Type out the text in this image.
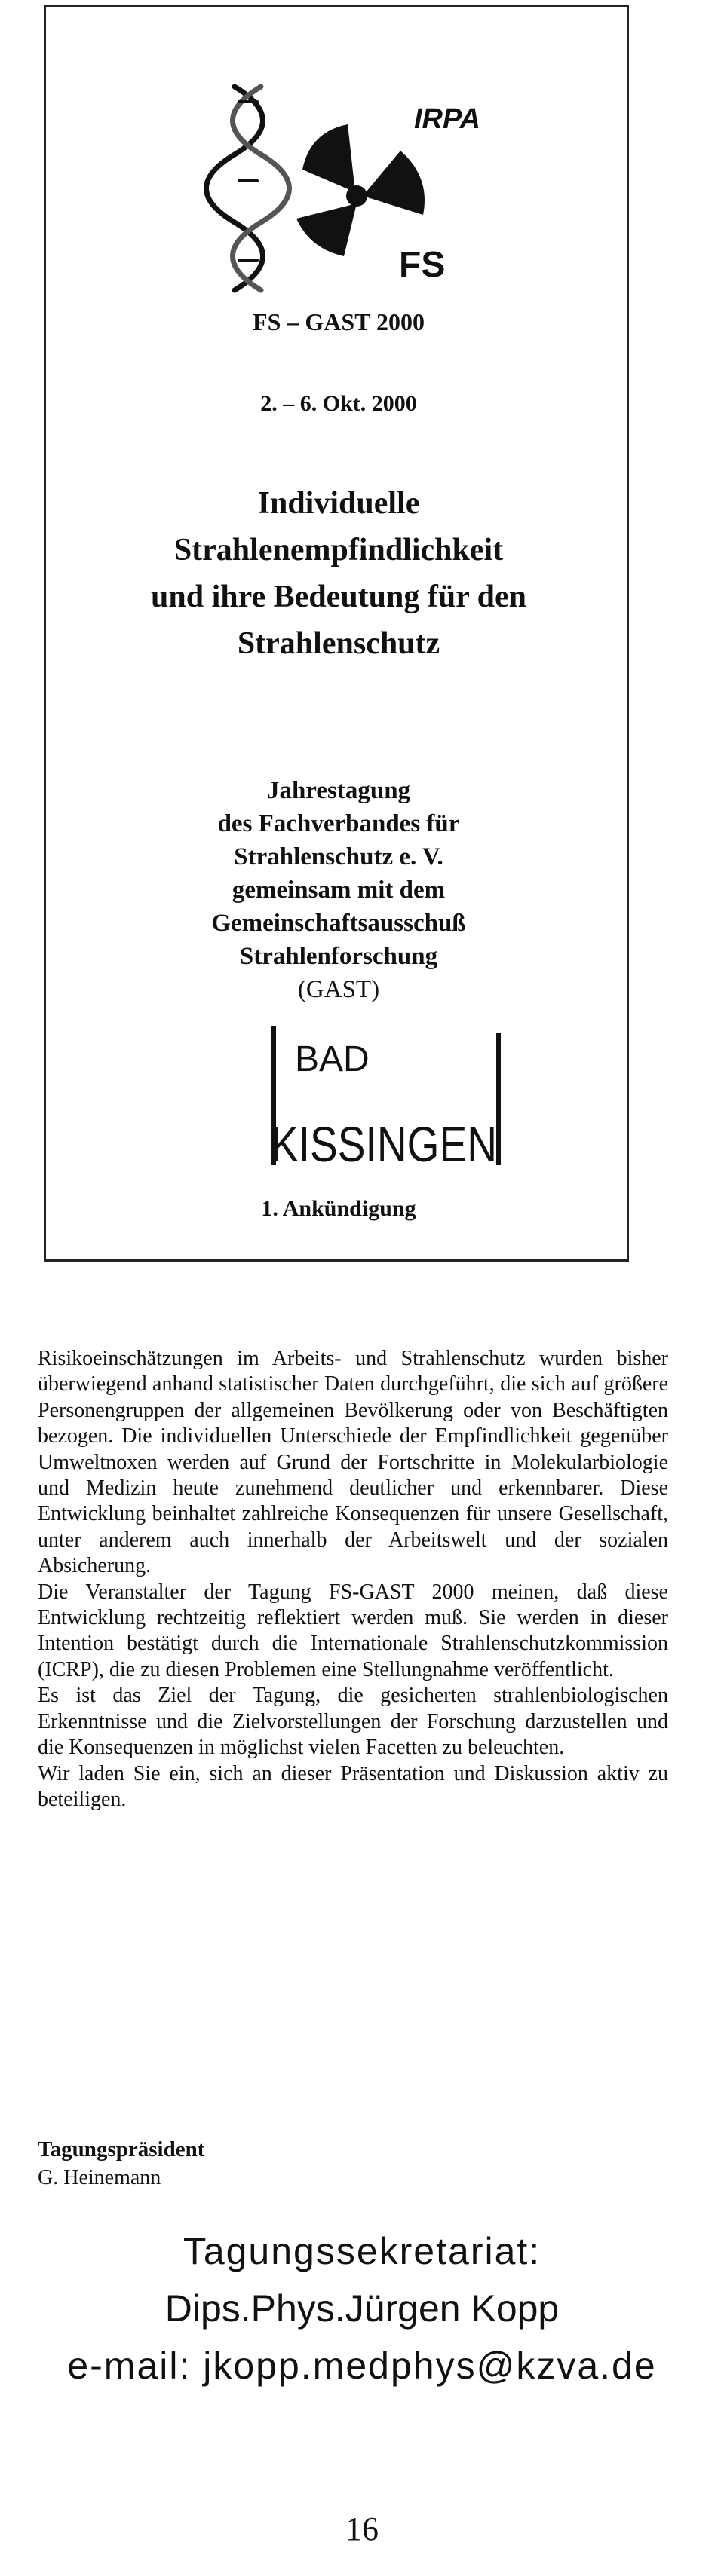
IRPA
FS

FS – GAST 2000

2. – 6. Okt. 2000

Individuelle
Strahlenempfindlichkeit
und ihre Bedeutung für den
Strahlenschutz
Jahrestagung
des Fachverbandes für
Strahlenschutz e. V.
gemeinsam mit dem
Gemeinschaftsausschuß
Strahlenforschung
(GAST)
BAD
KISSINGEN

1. Ankündigung

Risikoeinschätzungen im Arbeits- und Strahlenschutz wurden bisher überwiegend anhand statistischer Daten durchgeführt, die sich auf größere Personengruppen der allgemeinen Bevölkerung oder von Beschäftigten bezogen. Die individuellen Unterschiede der Empfindlichkeit gegenüber Umweltnoxen werden auf Grund der Fortschritte in Molekularbiologie und Medizin heute zunehmend deutlicher und erkennbarer. Diese Entwicklung beinhaltet zahlreiche Konsequenzen für unsere Gesellschaft, unter anderem auch innerhalb der Arbeitswelt und der sozialen Absicherung.

Die Veranstalter der Tagung FS-GAST 2000 meinen, daß diese Entwicklung rechtzeitig reflektiert werden muß. Sie werden in dieser Intention bestätigt durch die Internationale Strahlenschutzkommission (ICRP), die zu diesen Problemen eine Stellungnahme veröffentlicht.

Es ist das Ziel der Tagung, die gesicherten strahlenbiologischen Erkenntnisse und die Zielvorstellungen der Forschung darzustellen und die Konsequenzen in möglichst vielen Facetten zu beleuchten.

Wir laden Sie ein, sich an dieser Präsentation und Diskussion aktiv zu beteiligen.

Tagungspräsident

G. Heinemann

Tagungssekretariat:

Dips.Phys.Jürgen Kopp

e-mail: jkopp.medphys@kzva.de

16
